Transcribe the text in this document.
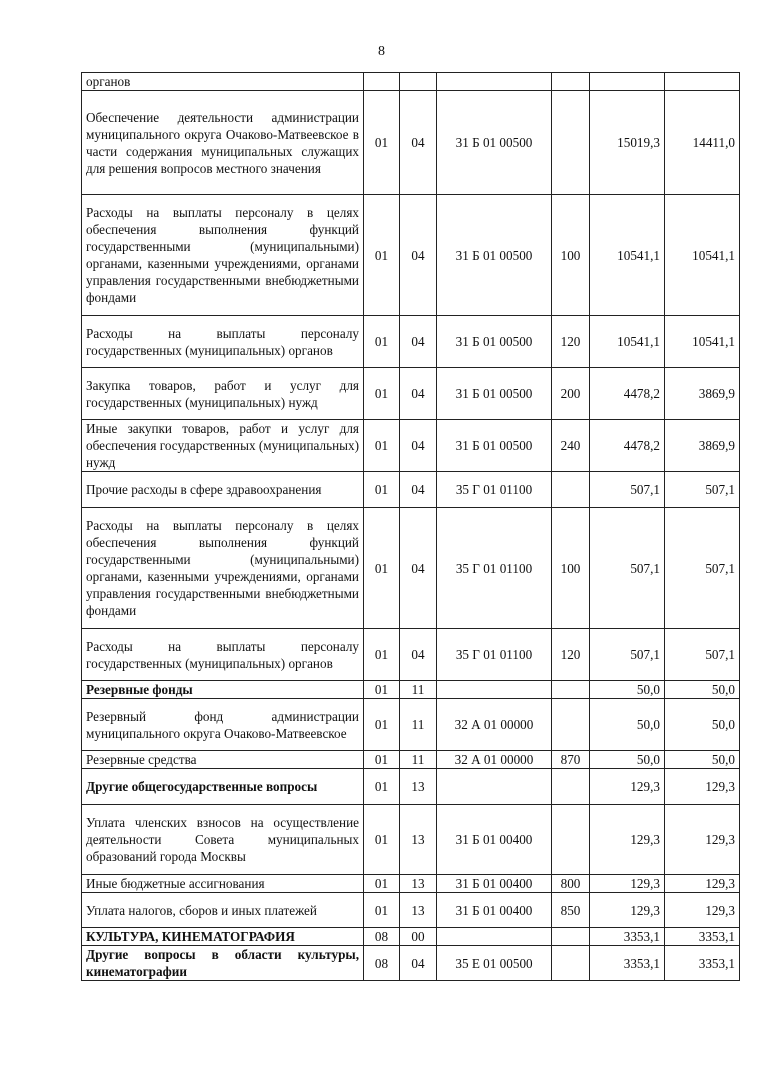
8
органов						
Обеспечение деятельности администрации муниципального округа Очаково-Матвеевское в части содержания муниципальных служащих для решения вопросов местного значения	01	04	31 Б 01 00500		15019,3	14411,0
Расходы на выплаты персоналу в целях обеспечения выполнения функций государственными (муниципальными) органами, казенными учреждениями, органами управления государственными внебюджетными фондами	01	04	31 Б 01 00500	100	10541,1	10541,1
Расходы на выплаты персоналу государственных (муниципальных) органов	01	04	31 Б 01 00500	120	10541,1	10541,1
Закупка товаров, работ и услуг для государственных (муниципальных) нужд	01	04	31 Б 01 00500	200	4478,2	3869,9
Иные закупки товаров, работ и услуг для обеспечения государственных (муниципальных) нужд	01	04	31 Б 01 00500	240	4478,2	3869,9
Прочие расходы в сфере здравоохранения	01	04	35 Г 01 01100		507,1	507,1
Расходы на выплаты персоналу в целях обеспечения выполнения функций государственными (муниципальными) органами, казенными учреждениями, органами управления государственными внебюджетными фондами	01	04	35 Г 01 01100	100	507,1	507,1
Расходы на выплаты персоналу государственных (муниципальных) органов	01	04	35 Г 01 01100	120	507,1	507,1
Резервные фонды	01	11			50,0	50,0
Резервный фонд администрации муниципального округа Очаково-Матвеевское	01	11	32 А 01 00000		50,0	50,0
Резервные средства	01	11	32 А 01 00000	870	50,0	50,0
Другие общегосударственные вопросы	01	13			129,3	129,3
Уплата членских взносов на осуществление деятельности Совета муниципальных образований города Москвы	01	13	31 Б 01 00400		129,3	129,3
Иные бюджетные ассигнования	01	13	31 Б 01 00400	800	129,3	129,3
Уплата налогов, сборов и иных платежей	01	13	31 Б 01 00400	850	129,3	129,3
КУЛЬТУРА, КИНЕМАТОГРАФИЯ	08	00			3353,1	3353,1
Другие вопросы в области культуры, кинематографии	08	04	35 Е 01 00500		3353,1	3353,1
